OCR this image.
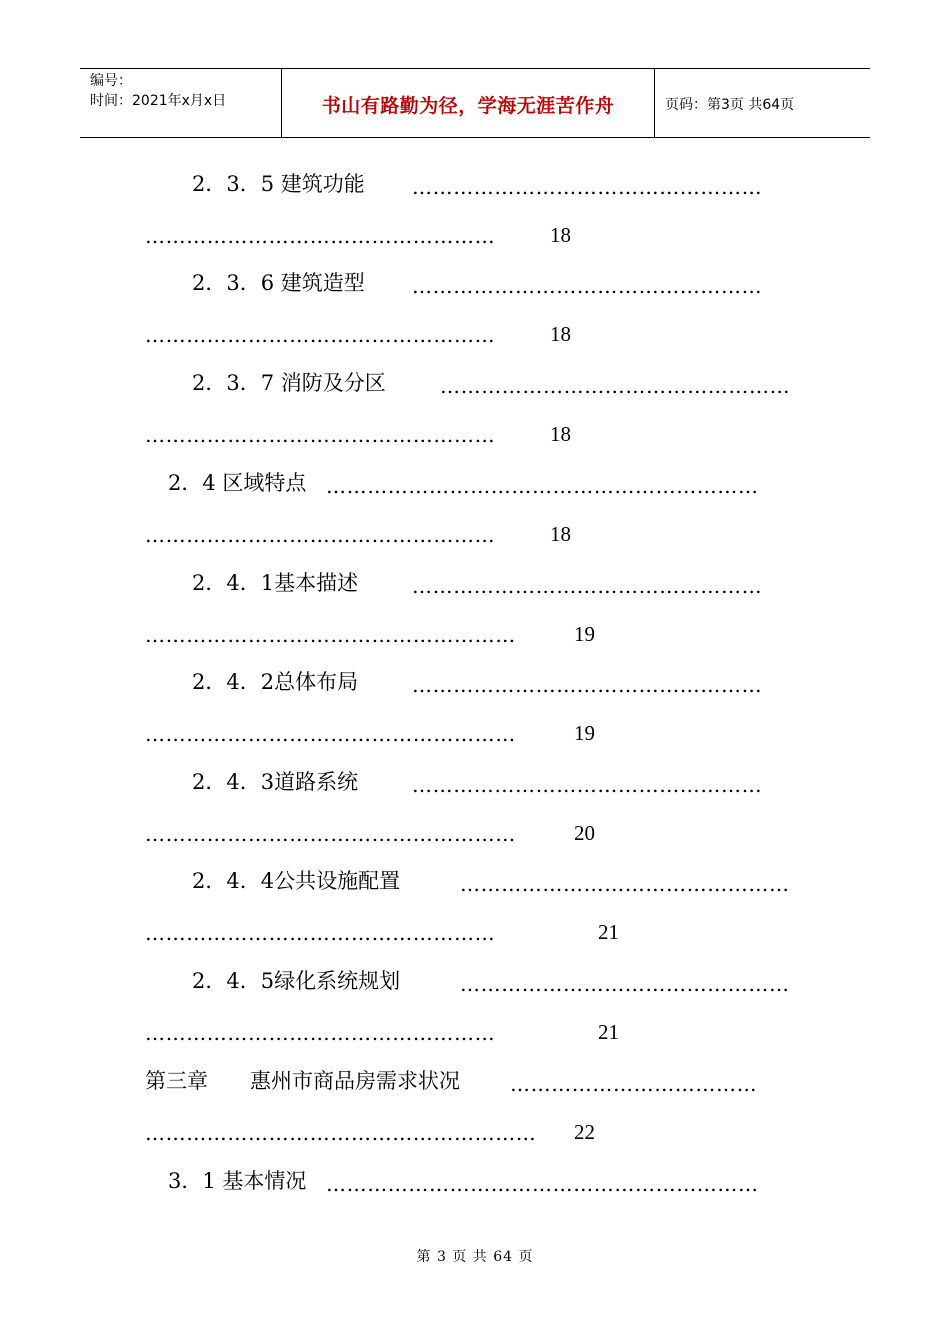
编号：
时间：2021年x月x日	书山有路勤为径，学海无涯苦作舟	页码：第3页 共64页
2．3．5 建筑功能 ……………………………………………
……………………………………………	18
2．3．6 建筑造型 ……………………………………………
……………………………………………	18
2．3．7 消防及分区	……………………………………………
……………………………………………	18
2．4 区域特点 ………………………………………………………
……………………………………………	18
2．4．1基本描述	……………………………………………
………………………………………………	19
2．4．2总体布局	……………………………………………
………………………………………………	19
2．4．3道路系统	……………………………………………
………………………………………………	20
2．4．4公共设施配置	…………………………………………
……………………………………………	21
2．4．5绿化系统规划	…………………………………………
……………………………………………	21
第三章　　惠州市商品房需求状况	………………………………
…………………………………………………	22
3．1 基本情况 ………………………………………………………
第 3 页 共 64 页
